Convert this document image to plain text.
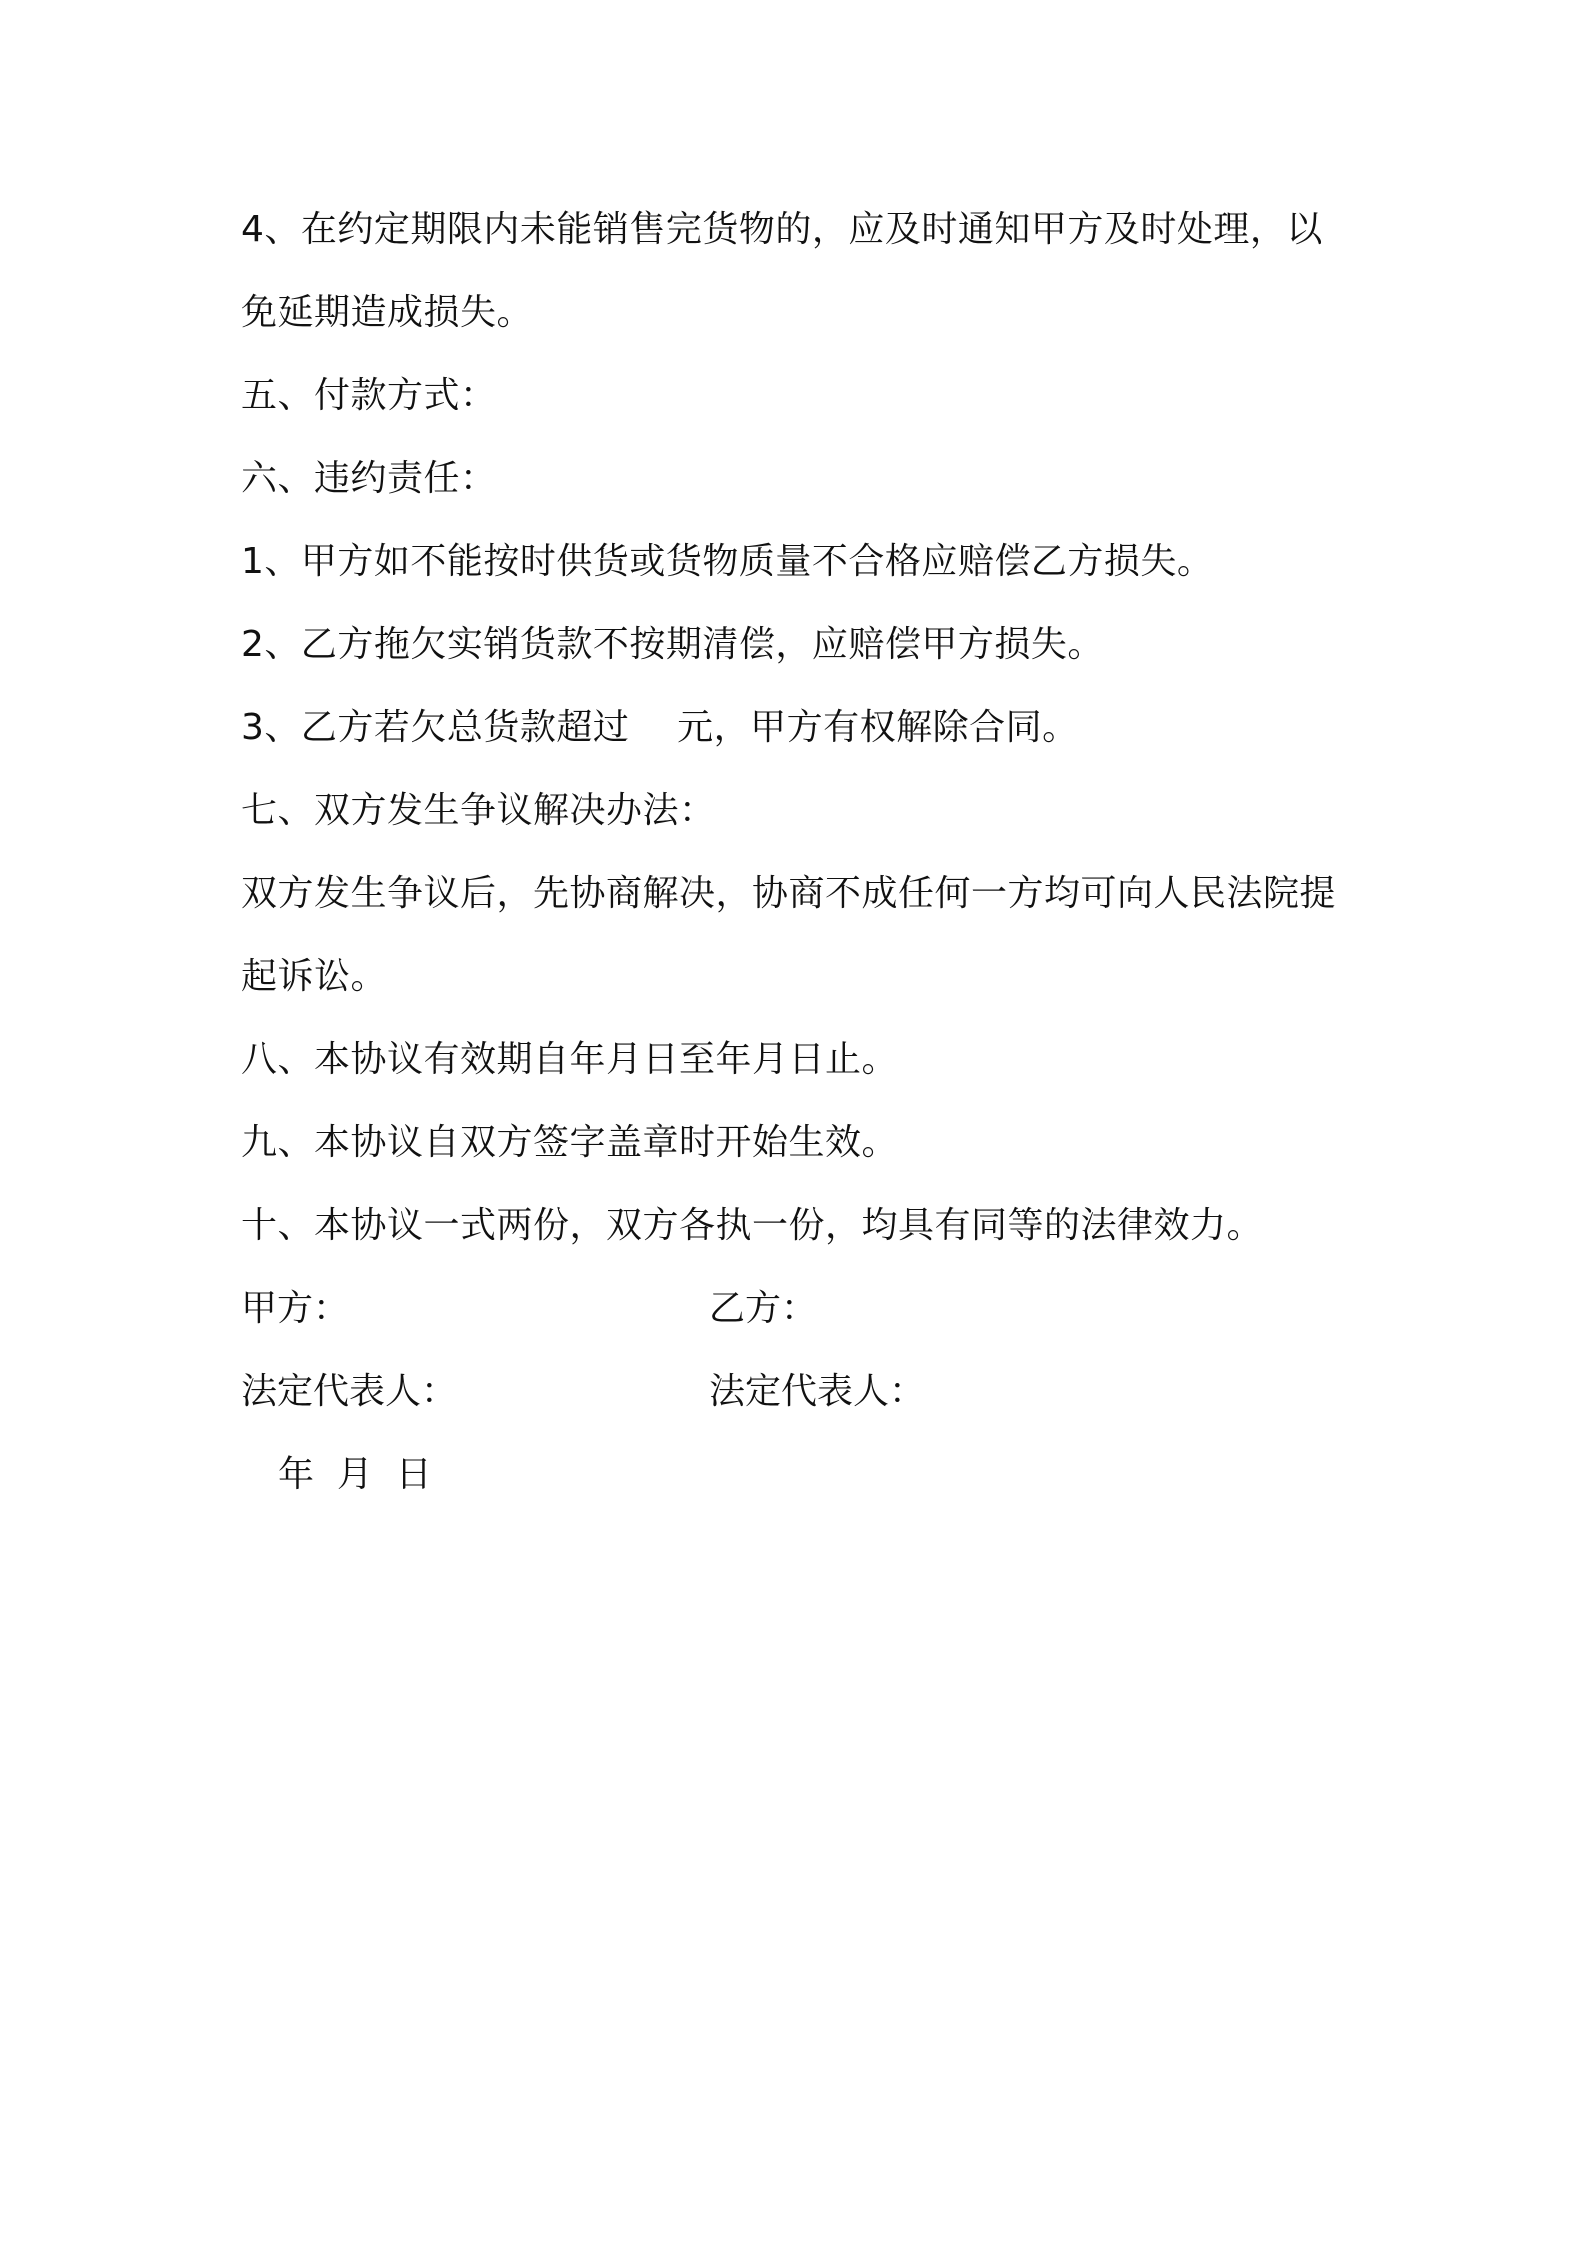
4、在约定期限内未能销售完货物的，应及时通知甲方及时处理，以
免延期造成损失。
五、付款方式：
六、违约责任：
1、甲方如不能按时供货或货物质量不合格应赔偿乙方损失。
2、乙方拖欠实销货款不按期清偿，应赔偿甲方损失。
3、乙方若欠总货款超过    元，甲方有权解除合同。
七、双方发生争议解决办法：
双方发生争议后，先协商解决，协商不成任何一方均可向人民法院提
起诉讼。
八、本协议有效期自年月日至年月日止。
九、本协议自双方签字盖章时开始生效。
十、本协议一式两份，双方各执一份，均具有同等的法律效力。
甲方：	乙方：
法定代表人：	法定代表人：
年  月  日
